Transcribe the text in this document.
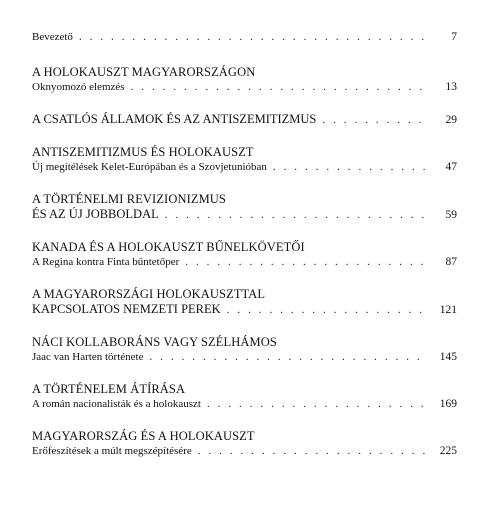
Bevezető . . .	7
A HOLOKAUSZT MAGYARORSZÁGON
Oknyomozó elemzés . . .	13
A CSATLÓS ÁLLAMOK ÉS AZ ANTISZEMITIZMUS . . .	29
ANTISZEMITIZMUS ÉS HOLOKAUSZT
Új megítélések Kelet-Európában és a Szovjetunióban . . .	47
A TÖRTÉNELMI REVIZIONIZMUS
ÉS AZ ÚJ JOBBOLDAL . . .	59
KANADA ÉS A HOLOKAUSZT BŰNELKÖVETŐI
A Regina kontra Finta bűntetőper . . .	87
A MAGYARORSZÁGI HOLOKAUSZTTAL
KAPCSOLATOS NEMZETI PEREK . . .	121
NÁCI KOLLABORÁNS VAGY SZÉLHÁMOS
Jaac van Harten története . . .	145
A TÖRTÉNELEM ÁTÍRÁSA
A román nacionalisták és a holokauszt . . .	169
MAGYARORSZÁG ÉS A HOLOKAUSZT
Erőfeszítések a múlt megszépítésére . . .	225
